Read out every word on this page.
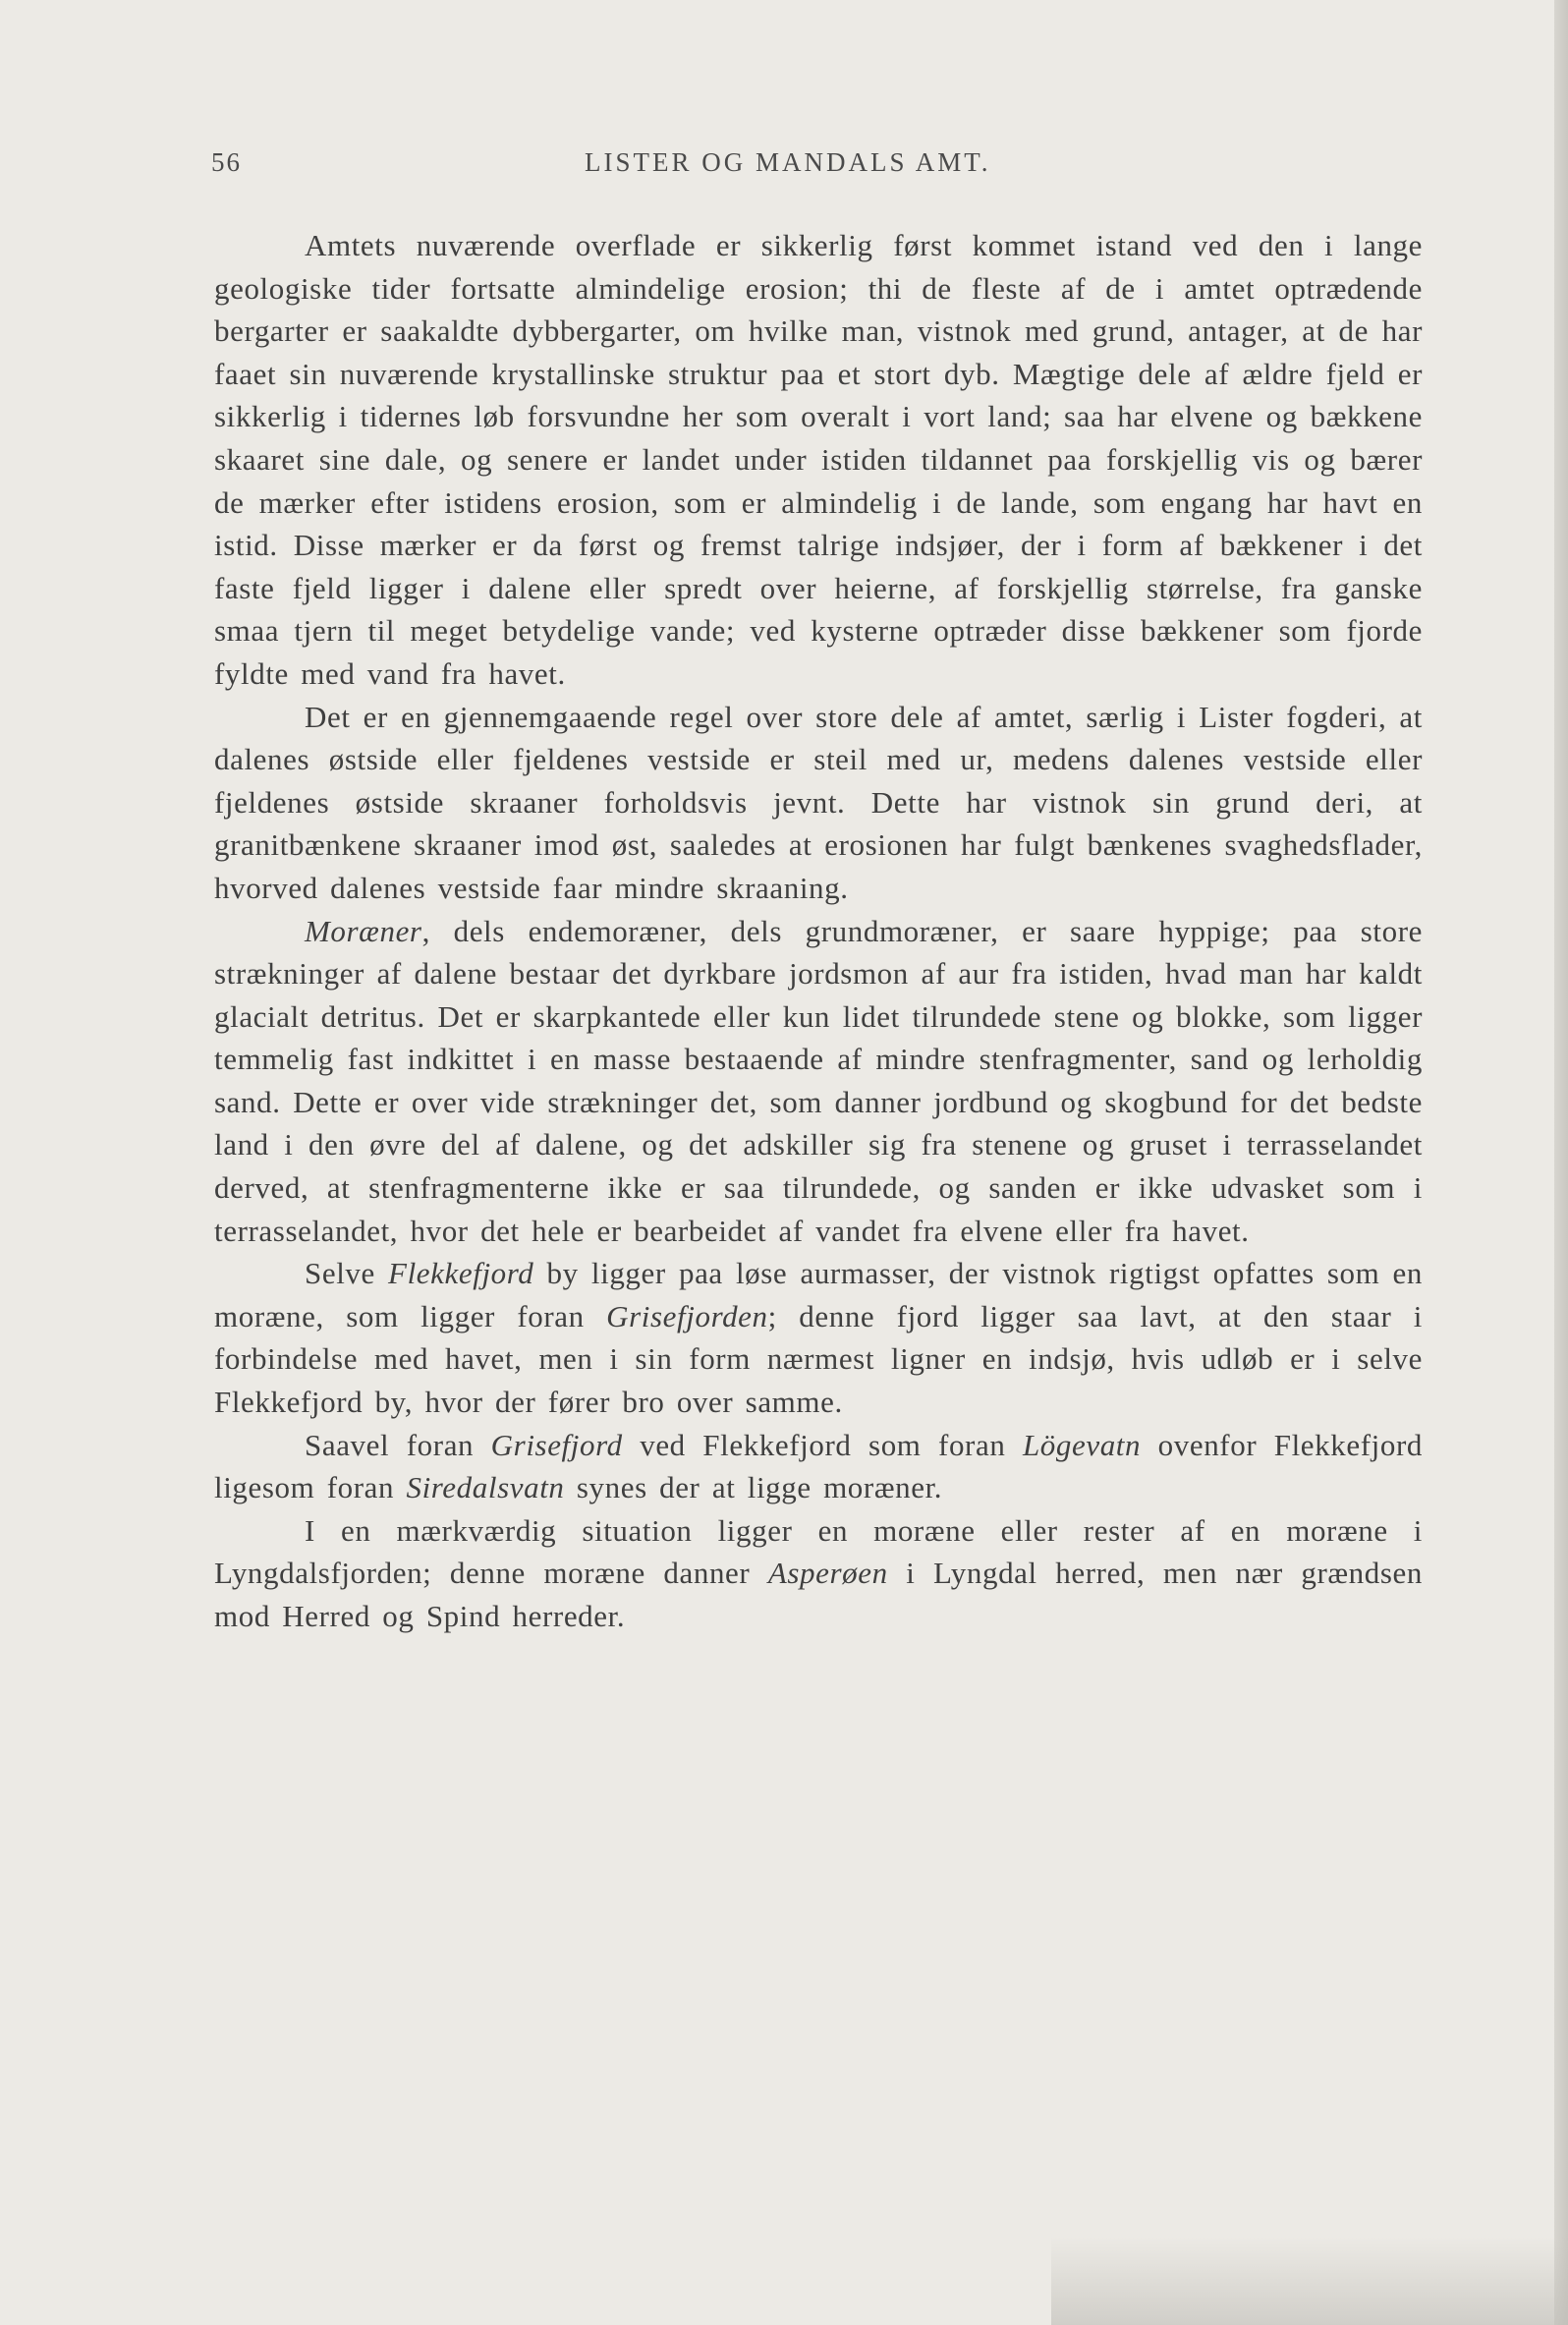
56	LISTER OG MANDALS AMT.

Amtets nuværende overflade er sikkerlig først kommet istand ved den i lange geologiske tider fortsatte almindelige erosion; thi de fleste af de i amtet optrædende bergarter er saakaldte dybbergarter, om hvilke man, vistnok med grund, antager, at de har faaet sin nuværende krystallinske struktur paa et stort dyb. Mægtige dele af ældre fjeld er sikkerlig i tidernes løb forsvundne her som overalt i vort land; saa har elvene og bækkene skaaret sine dale, og senere er landet under istiden tildannet paa forskjellig vis og bærer de mærker efter istidens erosion, som er almindelig i de lande, som engang har havt en istid. Disse mærker er da først og fremst talrige indsjøer, der i form af bækkener i det faste fjeld ligger i dalene eller spredt over heierne, af forskjellig størrelse, fra ganske smaa tjern til meget betydelige vande; ved kysterne optræder disse bækkener som fjorde fyldte med vand fra havet.

Det er en gjennemgaaende regel over store dele af amtet, særlig i Lister fogderi, at dalenes østside eller fjeldenes vestside er steil med ur, medens dalenes vestside eller fjeldenes østside skraaner forholdsvis jevnt. Dette har vistnok sin grund deri, at granitbænkene skraaner imod øst, saaledes at erosionen har fulgt bænkenes svaghedsflader, hvorved dalenes vestside faar mindre skraaning.

Moræner, dels endemoræner, dels grundmoræner, er saare hyppige; paa store strækninger af dalene bestaar det dyrkbare jordsmon af aur fra istiden, hvad man har kaldt glacialt detritus. Det er skarpkantede eller kun lidet tilrundede stene og blokke, som ligger temmelig fast indkittet i en masse bestaaende af mindre stenfragmenter, sand og lerholdig sand. Dette er over vide strækninger det, som danner jordbund og skogbund for det bedste land i den øvre del af dalene, og det adskiller sig fra stenene og gruset i terrasselandet derved, at stenfragmenterne ikke er saa tilrundede, og sanden er ikke udvasket som i terrasselandet, hvor det hele er bearbeidet af vandet fra elvene eller fra havet.

Selve Flekkefjord by ligger paa løse aurmasser, der vistnok rigtigst opfattes som en moræne, som ligger foran Grisefjorden; denne fjord ligger saa lavt, at den staar i forbindelse med havet, men i sin form nærmest ligner en indsjø, hvis udløb er i selve Flekkefjord by, hvor der fører bro over samme.

Saavel foran Grisefjord ved Flekkefjord som foran Lögevatn ovenfor Flekkefjord ligesom foran Siredalsvatn synes der at ligge moræner.

I en mærkværdig situation ligger en moræne eller rester af en moræne i Lyngdalsfjorden; denne moræne danner Asperøen i Lyngdal herred, men nær grændsen mod Herred og Spind herreder.
